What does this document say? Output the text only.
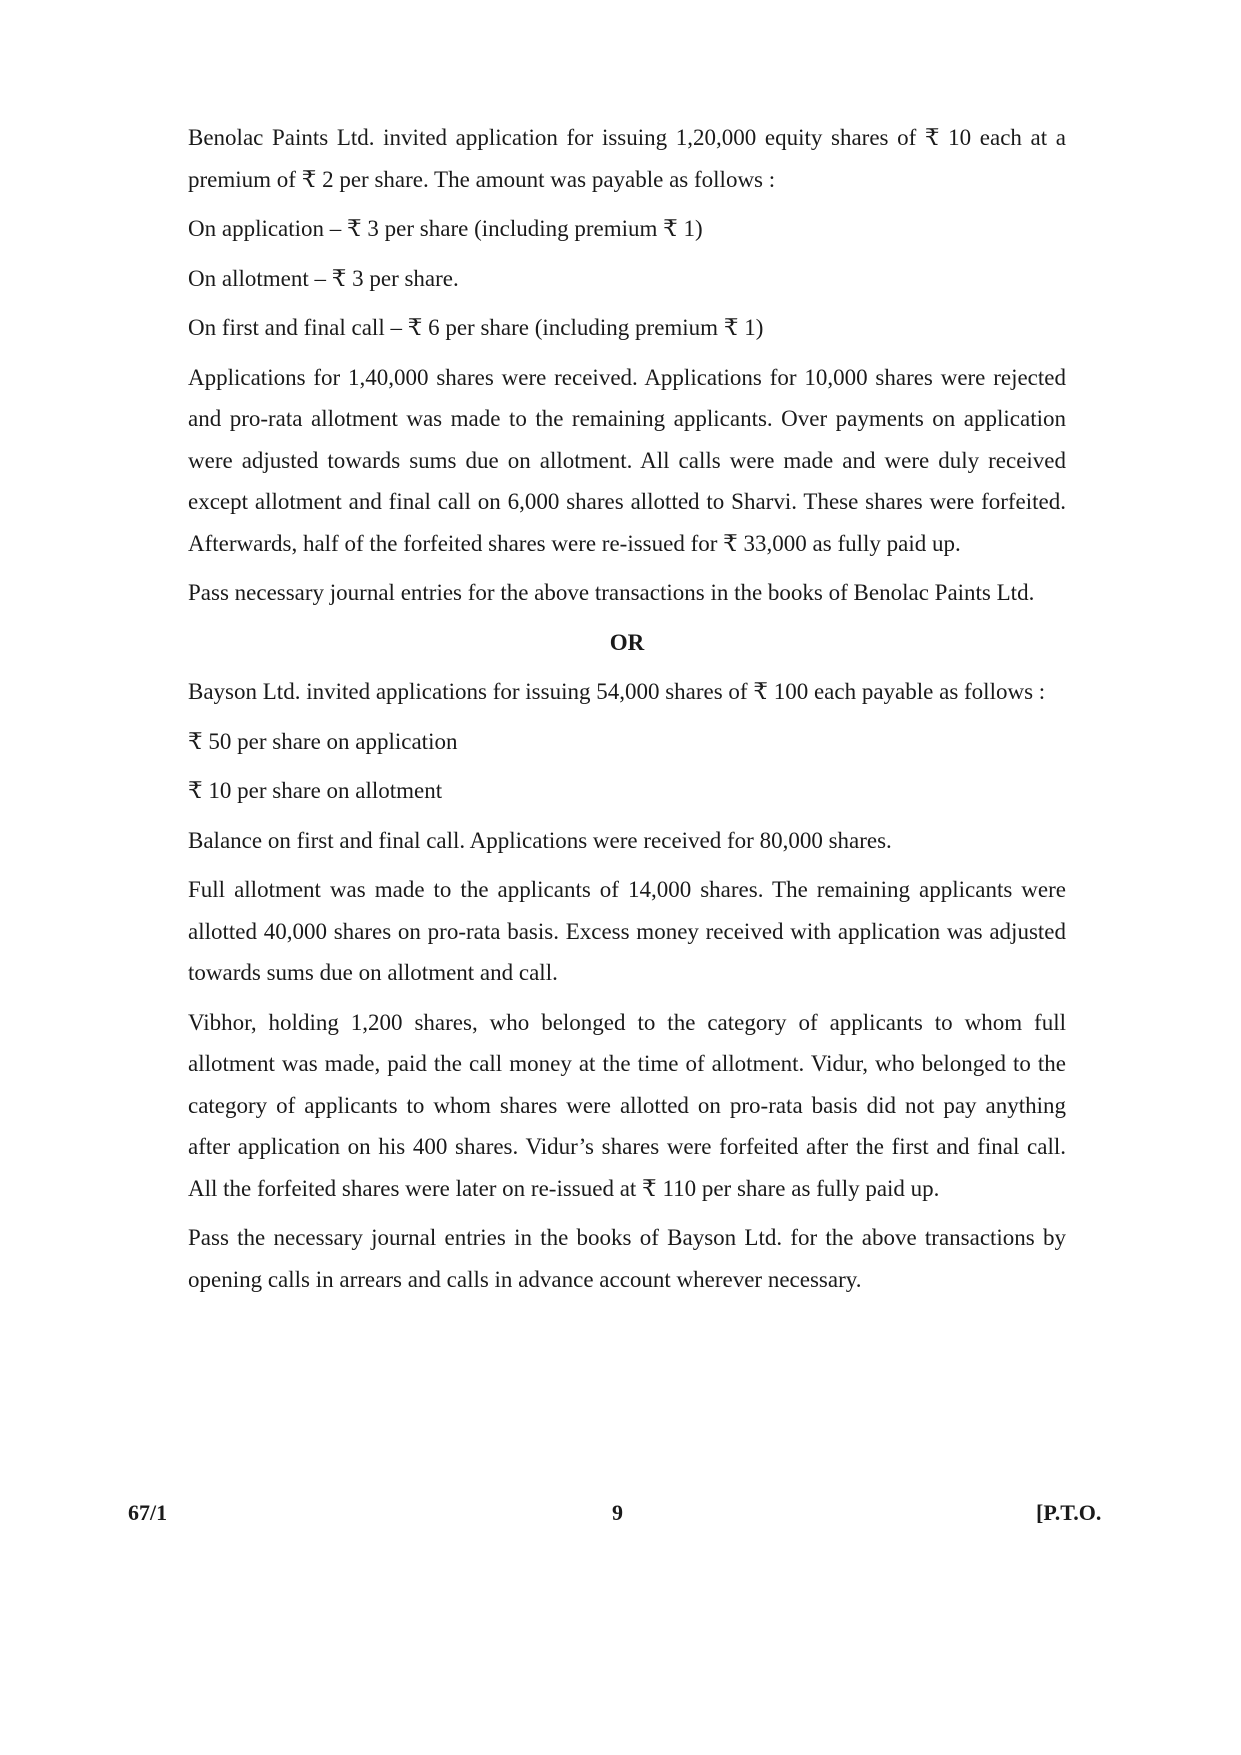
Benolac Paints Ltd. invited application for issuing 1,20,000 equity shares of ₹ 10 each at a premium of ₹ 2 per share. The amount was payable as follows :

On application – ₹ 3 per share (including premium ₹ 1)

On allotment – ₹ 3 per share.

On first and final call – ₹ 6 per share (including premium ₹ 1)

Applications for 1,40,000 shares were received. Applications for 10,000 shares were rejected and pro-rata allotment was made to the remaining applicants. Over payments on application were adjusted towards sums due on allotment. All calls were made and were duly received except allotment and final call on 6,000 shares allotted to Sharvi. These shares were forfeited. Afterwards, half of the forfeited shares were re-issued for ₹ 33,000 as fully paid up.

Pass necessary journal entries for the above transactions in the books of Benolac Paints Ltd.

OR

Bayson Ltd. invited applications for issuing 54,000 shares of ₹ 100 each payable as follows :

₹ 50 per share on application

₹ 10 per share on allotment

Balance on first and final call. Applications were received for 80,000 shares.

Full allotment was made to the applicants of 14,000 shares. The remaining applicants were allotted 40,000 shares on pro-rata basis. Excess money received with application was adjusted towards sums due on allotment and call.

Vibhor, holding 1,200 shares, who belonged to the category of applicants to whom full allotment was made, paid the call money at the time of allotment. Vidur, who belonged to the category of applicants to whom shares were allotted on pro-rata basis did not pay anything after application on his 400 shares. Vidur’s shares were forfeited after the first and final call. All the forfeited shares were later on re-issued at ₹ 110 per share as fully paid up.

Pass the necessary journal entries in the books of Bayson Ltd. for the above transactions by opening calls in arrears and calls in advance account wherever necessary.

67/1	9	[P.T.O.
